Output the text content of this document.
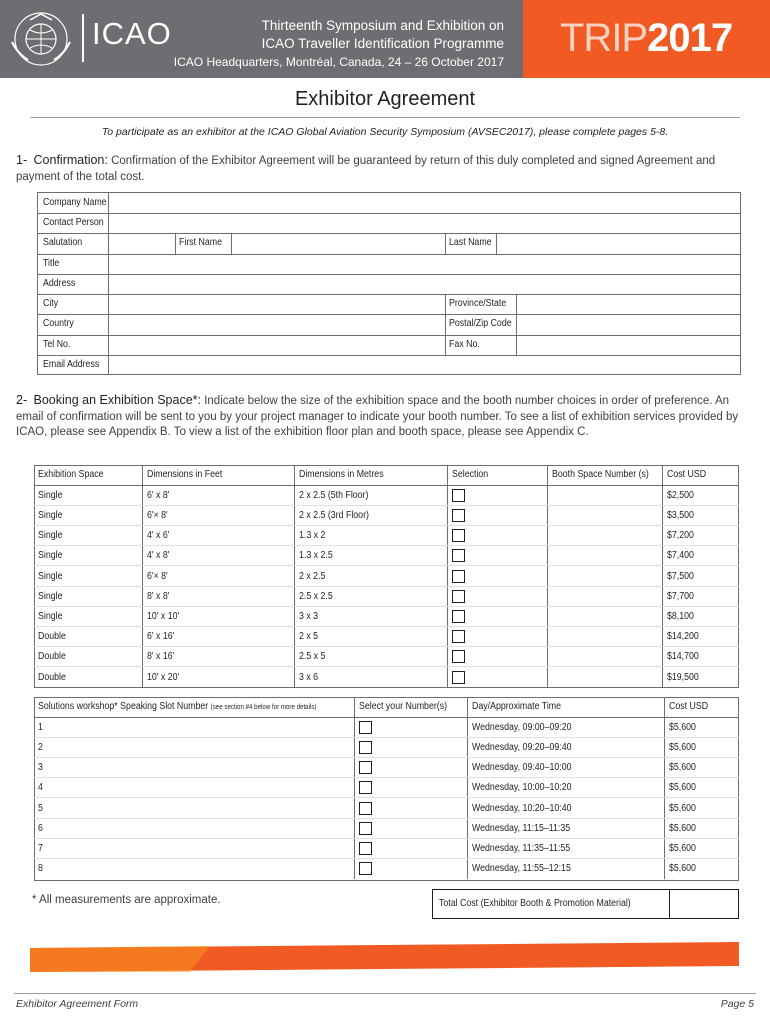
ICAO	Thirteenth Symposium and Exhibition on
ICAO Traveller Identification Programme
ICAO Headquarters, Montréal, Canada, 24 – 26 October 2017
TRIP2017
Exhibitor Agreement
To participate as an exhibitor at the ICAO Global Aviation Security Symposium (AVSEC2017), please complete pages 5-8.
1- Confirmation: Confirmation of the Exhibitor Agreement will be guaranteed by return of this duly completed and signed Agreement and payment of the total cost.
Company Name
Contact Person
Salutation	First Name	Last Name
Title
Address
City	Province/State
Country	Postal/Zip Code
Tel No.	Fax No.
Email Address
2- Booking an Exhibition Space*: Indicate below the size of the exhibition space and the booth number choices in order of preference. An email of confirmation will be sent to you by your project manager to indicate your booth number. To see a list of exhibition services provided by ICAO, please see Appendix B. To view a list of the exhibition floor plan and booth space, please see Appendix C.
Exhibition Space	Dimensions in Feet	Dimensions in Metres	Selection	Booth Space Number (s)	Cost USD
Single	6' x 8'	2 x 2.5 (5th Floor)			$2,500
Single	6'× 8'	2 x 2.5 (3rd Floor)			$3,500
Single	4' x 6'	1.3 x 2			$7,200
Single	4' x 8'	1.3 x 2.5			$7,400
Single	6'× 8'	2 x 2.5			$7,500
Single	8' x 8'	2.5 x 2.5			$7,700
Single	10' x 10'	3 x 3			$8,100
Double	6' x 16'	2 x 5			$14,200
Double	8' x 16'	2.5 x 5			$14,700
Double	10' x 20'	3 x 6			$19,500
Solutions workshop* Speaking Slot Number (see section #4 below for more details)	Select your Number(s)	Day/Approximate Time	Cost USD
1		Wednesday, 09:00–09:20	$5,600
2		Wednesday, 09:20–09:40	$5,600
3		Wednesday, 09:40–10:00	$5,600
4		Wednesday, 10:00–10:20	$5,600
5		Wednesday, 10:20–10:40	$5,600
6		Wednesday, 11:15–11:35	$5,600
7		Wednesday, 11:35–11:55	$5,600
8		Wednesday, 11:55–12:15	$5,600
* All measurements are approximate.	Total Cost (Exhibitor Booth & Promotion Material)
Exhibitor Agreement Form	Page 5
